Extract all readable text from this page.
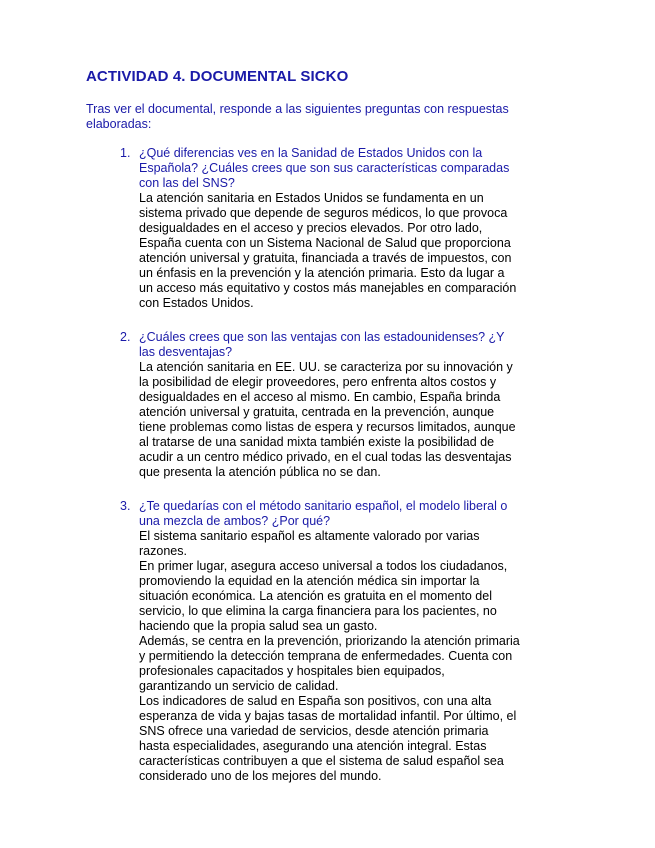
ACTIVIDAD 4. DOCUMENTAL SICKO
Tras ver el documental, responde a las siguientes preguntas con respuestas elaboradas:
1. ¿Qué diferencias ves en la Sanidad de Estados Unidos con la Española? ¿Cuáles crees que son sus características comparadas con las del SNS?

La atención sanitaria en Estados Unidos se fundamenta en un sistema privado que depende de seguros médicos, lo que provoca desigualdades en el acceso y precios elevados. Por otro lado, España cuenta con un Sistema Nacional de Salud que proporciona atención universal y gratuita, financiada a través de impuestos, con un énfasis en la prevención y la atención primaria. Esto da lugar a un acceso más equitativo y costos más manejables en comparación con Estados Unidos.

2. ¿Cuáles crees que son las ventajas con las estadounidenses? ¿Y las desventajas?

La atención sanitaria en EE. UU. se caracteriza por su innovación y la posibilidad de elegir proveedores, pero enfrenta altos costos y desigualdades en el acceso al mismo. En cambio, España brinda atención universal y gratuita, centrada en la prevención, aunque tiene problemas como listas de espera y recursos limitados, aunque al tratarse de una sanidad mixta también existe la posibilidad de acudir a un centro médico privado, en el cual todas las desventajas que presenta la atención pública no se dan.

3. ¿Te quedarías con el método sanitario español, el modelo liberal o una mezcla de ambos? ¿Por qué?

El sistema sanitario español es altamente valorado por varias razones.

En primer lugar, asegura acceso universal a todos los ciudadanos, promoviendo la equidad en la atención médica sin importar la situación económica. La atención es gratuita en el momento del servicio, lo que elimina la carga financiera para los pacientes, no haciendo que la propia salud sea un gasto.

Además, se centra en la prevención, priorizando la atención primaria y permitiendo la detección temprana de enfermedades. Cuenta con profesionales capacitados y hospitales bien equipados, garantizando un servicio de calidad.

Los indicadores de salud en España son positivos, con una alta esperanza de vida y bajas tasas de mortalidad infantil. Por último, el SNS ofrece una variedad de servicios, desde atención primaria hasta especialidades, asegurando una atención integral. Estas características contribuyen a que el sistema de salud español sea considerado uno de los mejores del mundo.
